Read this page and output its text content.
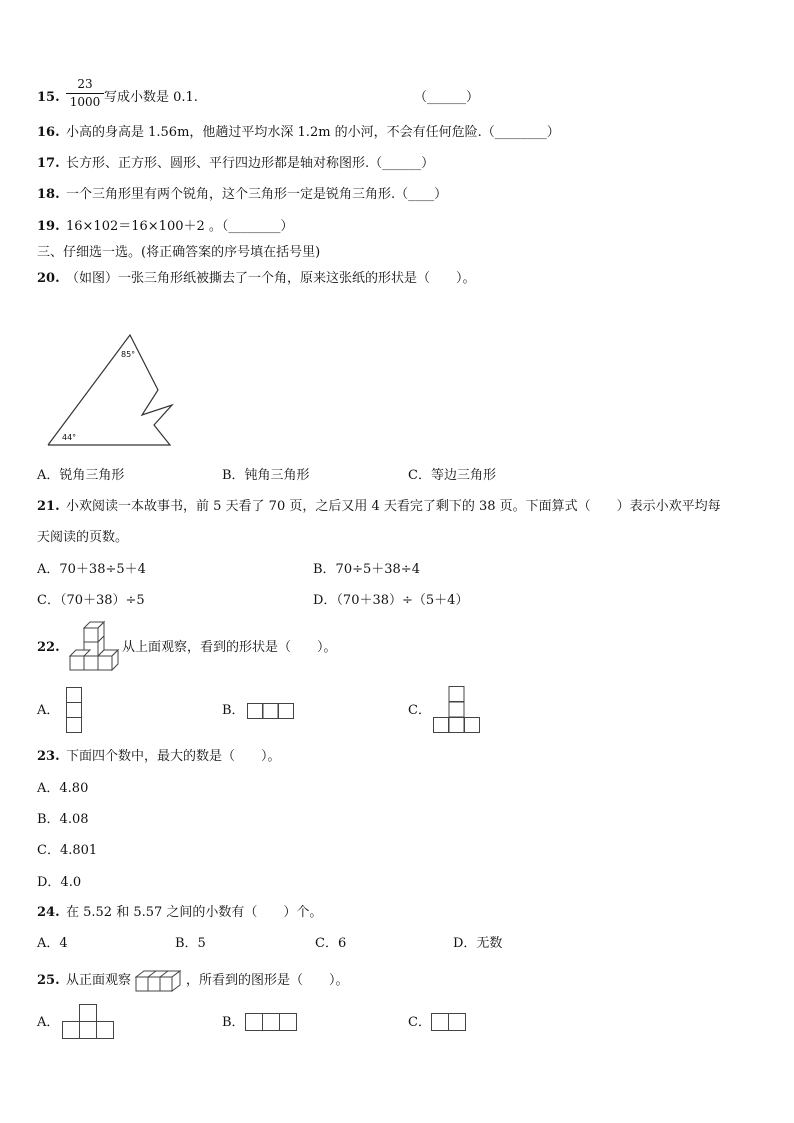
15.
23
1000 写成小数是 0.1.	（______）
16. 小高的身高是 1.56m，他趟过平均水深 1.2m 的小河，不会有任何危险.（________）
17. 长方形、正方形、圆形、平行四边形都是轴对称图形.（______）
18. 一个三角形里有两个锐角，这个三角形一定是锐角三角形.（____）
19. 16×102＝16×100＋2 。（________）
三、仔细选一选。(将正确答案的序号填在括号里)
20. （如图）一张三角形纸被撕去了一个角，原来这张纸的形状是（　　）。
85°
44°
A．锐角三角形	B．钝角三角形	C．等边三角形
21. 小欢阅读一本故事书，前 5 天看了 70 页，之后又用 4 天看完了剩下的 38 页。下面算式（　　）表示小欢平均每
天阅读的页数。
A．70＋38÷5＋4	B．70÷5＋38÷4
C．（70＋38）÷5	D．（70＋38）÷（5＋4）
22.	从上面观察，看到的形状是（　　）。
A．	B．	C．
23. 下面四个数中，最大的数是（　　）。
A．4.80
B．4.08
C．4.801
D．4.0
24. 在 5.52 和 5.57 之间的小数有（　　）个。
A．4	B．5	C．6	D．无数
25. 从正面观察	，所看到的图形是（　　）。
A．	B．	C．
